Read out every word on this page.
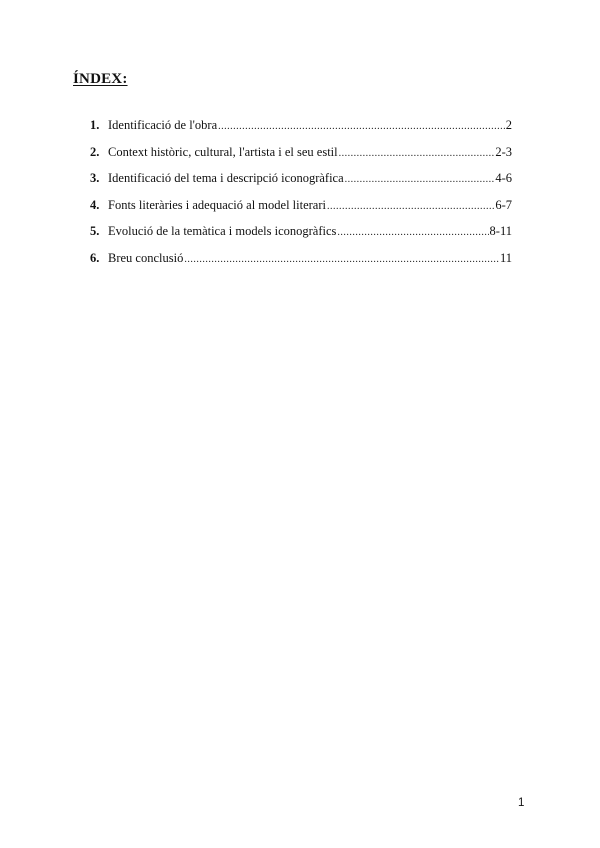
ÍNDEX:
1. Identificació de l'obra .....	2
2. Context històric, cultural, l'artista i el seu estil .....	2-3
3. Identificació del tema i descripció iconogràfica .....	4-6
4. Fonts literàries i adequació al model literari .....	6-7
5. Evolució de la temàtica i models iconogràfics .....	8-11
6. Breu conclusió .....	11
1
